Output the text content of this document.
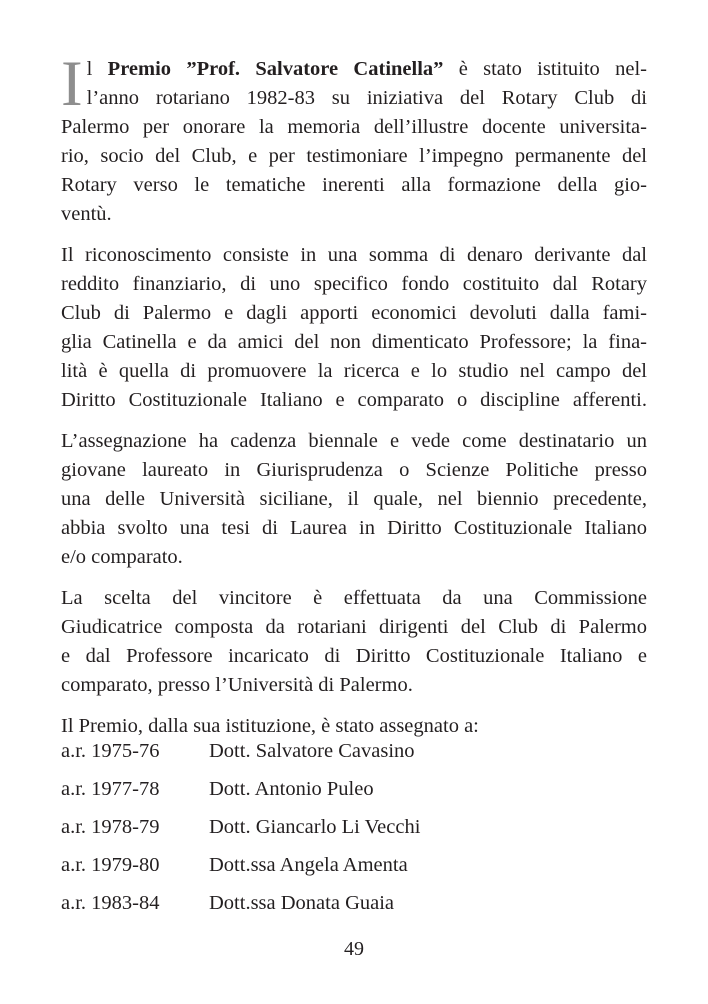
I l Premio ”Prof. Salvatore Catinella” è stato istituito nel-
l’anno rotariano 1982-83 su iniziativa del Rotary Club di
Palermo per onorare la memoria dell’illustre docente universita-
rio, socio del Club, e per testimoniare l’impegno permanente del
Rotary verso le tematiche inerenti alla formazione della gio-
ventù.

Il riconoscimento consiste in una somma di denaro derivante dal
reddito finanziario, di uno specifico fondo costituito dal Rotary
Club di Palermo e dagli apporti economici devoluti dalla fami-
glia Catinella e da amici del non dimenticato Professore; la fina-
lità è quella di promuovere la ricerca e lo studio nel campo del
Diritto Costituzionale Italiano e comparato o discipline afferenti.

L’assegnazione ha cadenza biennale e vede come destinatario un
giovane laureato in Giurisprudenza o Scienze Politiche presso
una delle Università siciliane, il quale, nel biennio precedente,
abbia svolto una tesi di Laurea in Diritto Costituzionale Italiano
e/o comparato.

La scelta del vincitore è effettuata da una Commissione
Giudicatrice composta da rotariani dirigenti del Club di Palermo
e dal Professore incaricato di Diritto Costituzionale Italiano e
comparato, presso l’Università di Palermo.

Il Premio, dalla sua istituzione, è stato assegnato a:

a.r. 1975-76	Dott. Salvatore Cavasino
a.r. 1977-78	Dott. Antonio Puleo
a.r. 1978-79	Dott. Giancarlo Li Vecchi
a.r. 1979-80	Dott.ssa Angela Amenta
a.r. 1983-84	Dott.ssa Donata Guaia
49
